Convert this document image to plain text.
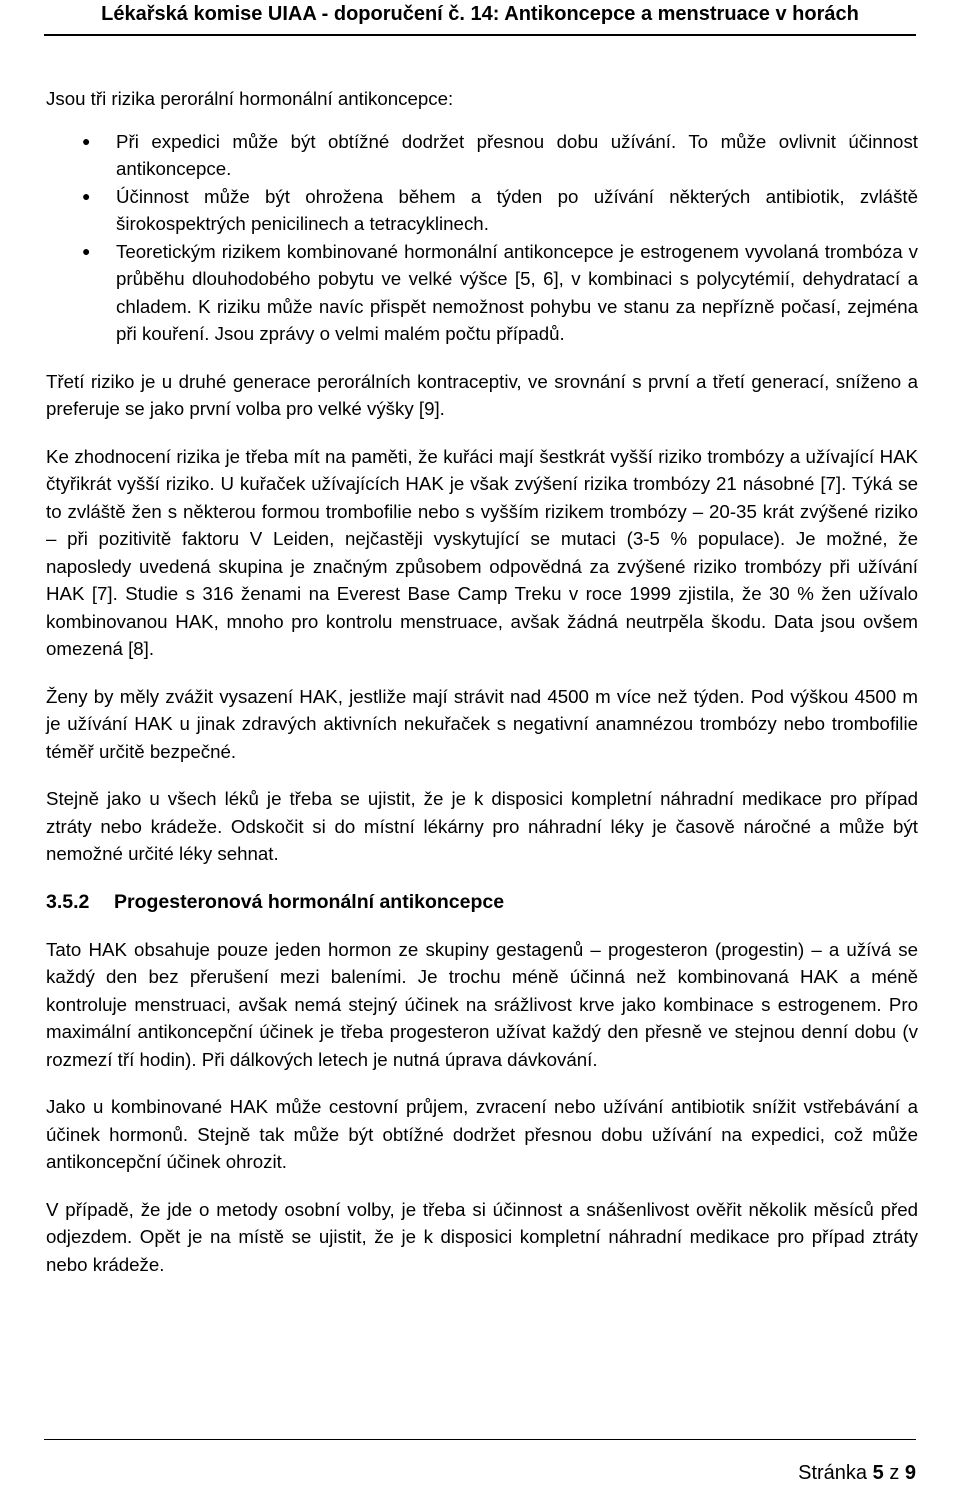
Lékařská komise UIAA - doporučení č. 14: Antikoncepce a menstruace v horách

Jsou tři rizika perorální hormonální antikoncepce:

● Při expedici může být obtížné dodržet přesnou dobu užívání. To může ovlivnit účinnost antikoncepce.
● Účinnost může být ohrožena během a týden po užívání některých antibiotik, zvláště širokospektrých penicilinech a tetracyklinech.
● Teoretickým rizikem kombinované hormonální antikoncepce je estrogenem vyvolaná trombóza v průběhu dlouhodobého pobytu ve velké výšce [5, 6], v kombinaci s polycytémií, dehydratací a chladem. K riziku může navíc přispět nemožnost pohybu ve stanu za nepřízně počasí, zejména při kouření. Jsou zprávy o velmi malém počtu případů.

Třetí riziko je u druhé generace perorálních kontraceptiv, ve srovnání s první a třetí generací, sníženo a preferuje se jako první volba pro velké výšky [9].

Ke zhodnocení rizika je třeba mít na paměti, že kuřáci mají šestkrát vyšší riziko trombózy a užívající HAK čtyřikrát vyšší riziko. U kuřaček užívajících HAK je však zvýšení rizika trombózy 21 násobné [7]. Týká se to zvláště žen s některou formou trombofilie nebo s vyšším rizikem trombózy – 20-35 krát zvýšené riziko – při pozitivitě faktoru V Leiden, nejčastěji vyskytující se mutaci (3-5 % populace). Je možné, že naposledy uvedená skupina je značným způsobem odpovědná za zvýšené riziko trombózy při užívání HAK [7]. Studie s 316 ženami na Everest Base Camp Treku v roce 1999 zjistila, že 30 % žen užívalo kombinovanou HAK, mnoho pro kontrolu menstruace, avšak žádná neutrpěla škodu. Data jsou ovšem omezená [8].

Ženy by měly zvážit vysazení HAK, jestliže mají strávit nad 4500 m více než týden. Pod výškou 4500 m je užívání HAK u jinak zdravých aktivních nekuřaček s negativní anamnézou trombózy nebo trombofilie téměř určitě bezpečné.

Stejně jako u všech léků je třeba se ujistit, že je k disposici kompletní náhradní medikace pro případ ztráty nebo krádeže. Odskočit si do místní lékárny pro náhradní léky je časově náročné a může být nemožné určité léky sehnat.

3.5.2 Progesteronová hormonální antikoncepce

Tato HAK obsahuje pouze jeden hormon ze skupiny gestagenů – progesteron (progestin) – a užívá se každý den bez přerušení mezi baleními. Je trochu méně účinná než kombinovaná HAK a méně kontroluje menstruaci, avšak nemá stejný účinek na srážlivost krve jako kombinace s estrogenem. Pro maximální antikoncepční účinek je třeba progesteron užívat každý den přesně ve stejnou denní dobu (v rozmezí tří hodin). Při dálkových letech je nutná úprava dávkování.

Jako u kombinované HAK může cestovní průjem, zvracení nebo užívání antibiotik snížit vstřebávání a účinek hormonů. Stejně tak může být obtížné dodržet přesnou dobu užívání na expedici, což může antikoncepční účinek ohrozit.

V případě, že jde o metody osobní volby, je třeba si účinnost a snášenlivost ověřit několik měsíců před odjezdem. Opět je na místě se ujistit, že je k disposici kompletní náhradní medikace pro případ ztráty nebo krádeže.

Stránka 5 z 9
